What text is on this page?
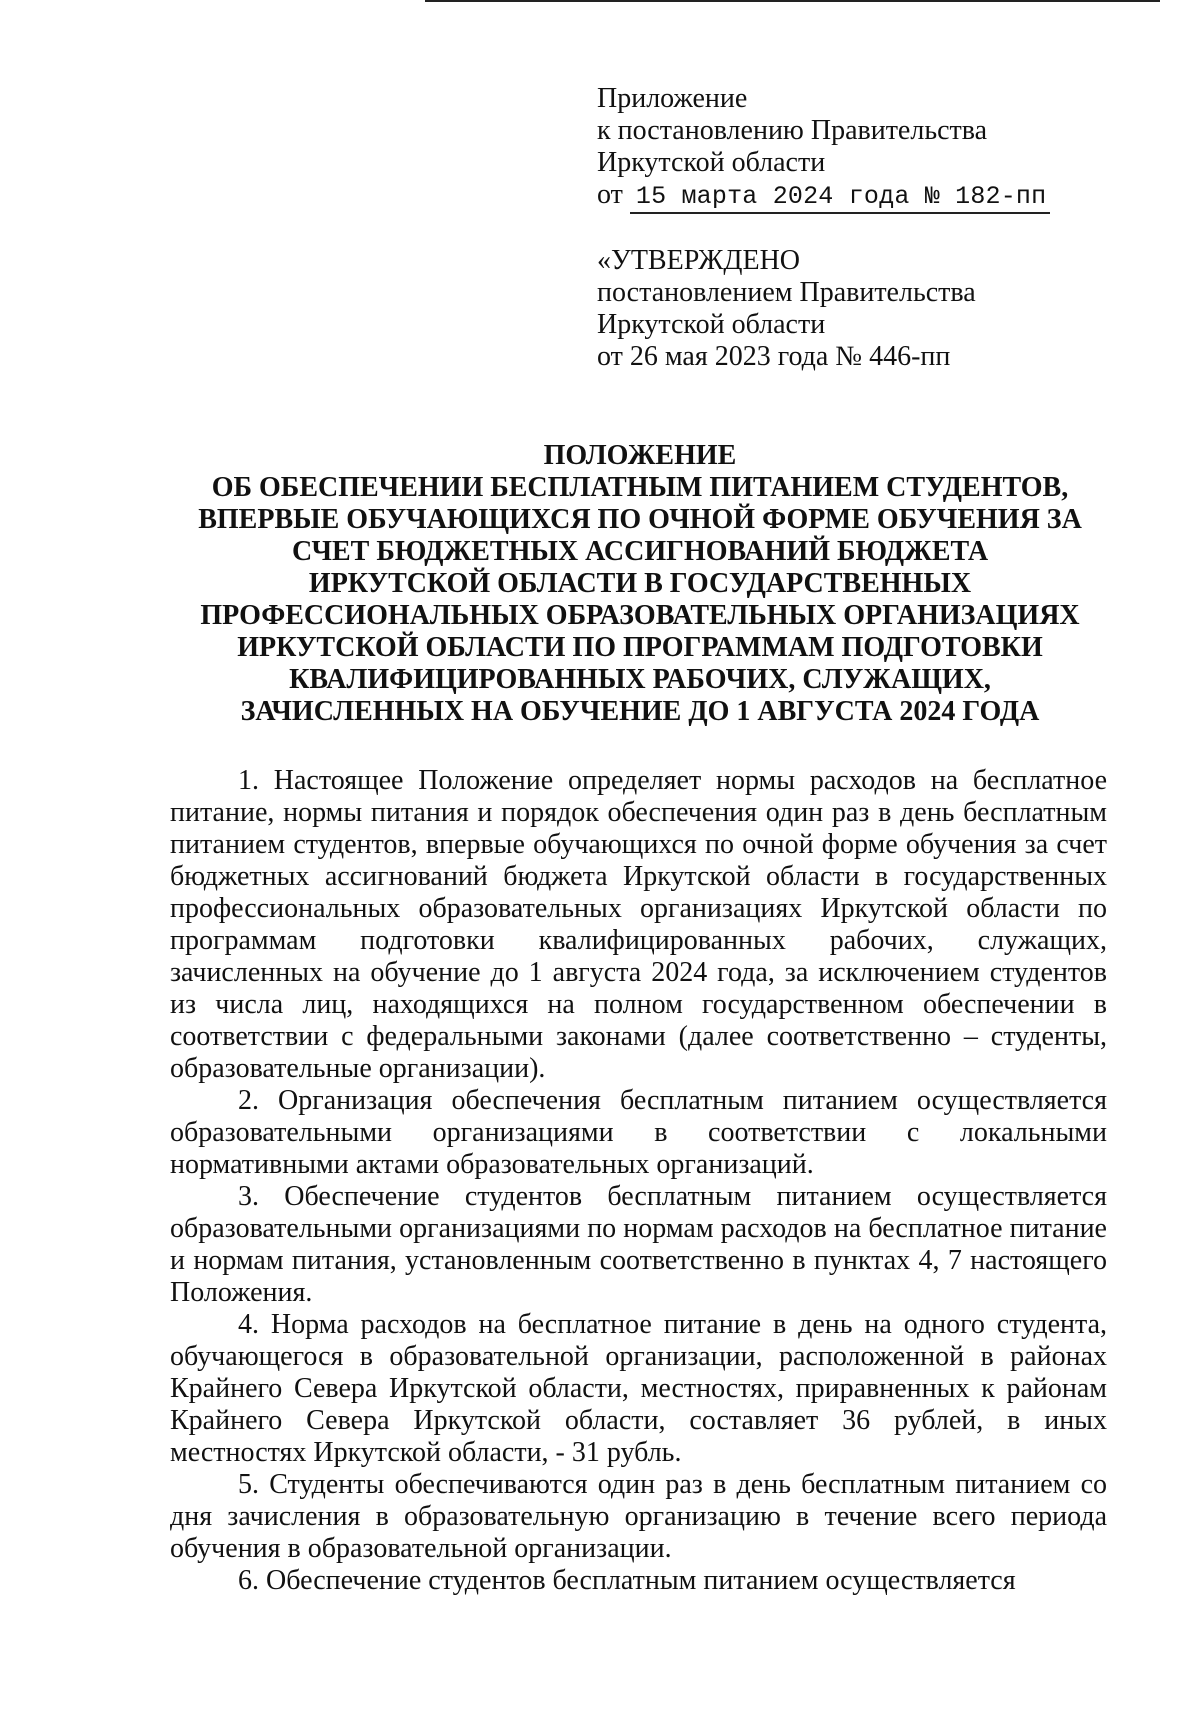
Приложение
к постановлению Правительства
Иркутской области
от 15 марта 2024 года № 182-пп
«УТВЕРЖДЕНО
постановлением Правительства
Иркутской области
от 26 мая 2023 года № 446-пп
ПОЛОЖЕНИЕ
ОБ ОБЕСПЕЧЕНИИ БЕСПЛАТНЫМ ПИТАНИЕМ СТУДЕНТОВ,
ВПЕРВЫЕ ОБУЧАЮЩИХСЯ ПО ОЧНОЙ ФОРМЕ ОБУЧЕНИЯ ЗА
СЧЕТ БЮДЖЕТНЫХ АССИГНОВАНИЙ БЮДЖЕТА
ИРКУТСКОЙ ОБЛАСТИ В ГОСУДАРСТВЕННЫХ
ПРОФЕССИОНАЛЬНЫХ ОБРАЗОВАТЕЛЬНЫХ ОРГАНИЗАЦИЯХ
ИРКУТСКОЙ ОБЛАСТИ ПО ПРОГРАММАМ ПОДГОТОВКИ
КВАЛИФИЦИРОВАННЫХ РАБОЧИХ, СЛУЖАЩИХ,
ЗАЧИСЛЕННЫХ НА ОБУЧЕНИЕ ДО 1 АВГУСТА 2024 ГОДА

1. Настоящее Положение определяет нормы расходов на бесплатное питание, нормы питания и порядок обеспечения один раз в день бесплатным питанием студентов, впервые обучающихся по очной форме обучения за счет бюджетных ассигнований бюджета Иркутской области в государственных профессиональных образовательных организациях Иркутской области по программам подготовки квалифицированных рабочих, служащих, зачисленных на обучение до 1 августа 2024 года, за исключением студентов из числа лиц, находящихся на полном государственном обеспечении в соответствии с федеральными законами (далее соответственно – студенты, образовательные организации).

2. Организация обеспечения бесплатным питанием осуществляется образовательными организациями в соответствии с локальными нормативными актами образовательных организаций.

3. Обеспечение студентов бесплатным питанием осуществляется образовательными организациями по нормам расходов на бесплатное питание и нормам питания, установленным соответственно в пунктах 4, 7 настоящего Положения.

4. Норма расходов на бесплатное питание в день на одного студента, обучающегося в образовательной организации, расположенной в районах Крайнего Севера Иркутской области, местностях, приравненных к районам Крайнего Севера Иркутской области, составляет 36 рублей, в иных местностях Иркутской области, - 31 рубль.

5. Студенты обеспечиваются один раз в день бесплатным питанием со дня зачисления в образовательную организацию в течение всего периода обучения в образовательной организации.

6. Обеспечение студентов бесплатным питанием осуществляется
